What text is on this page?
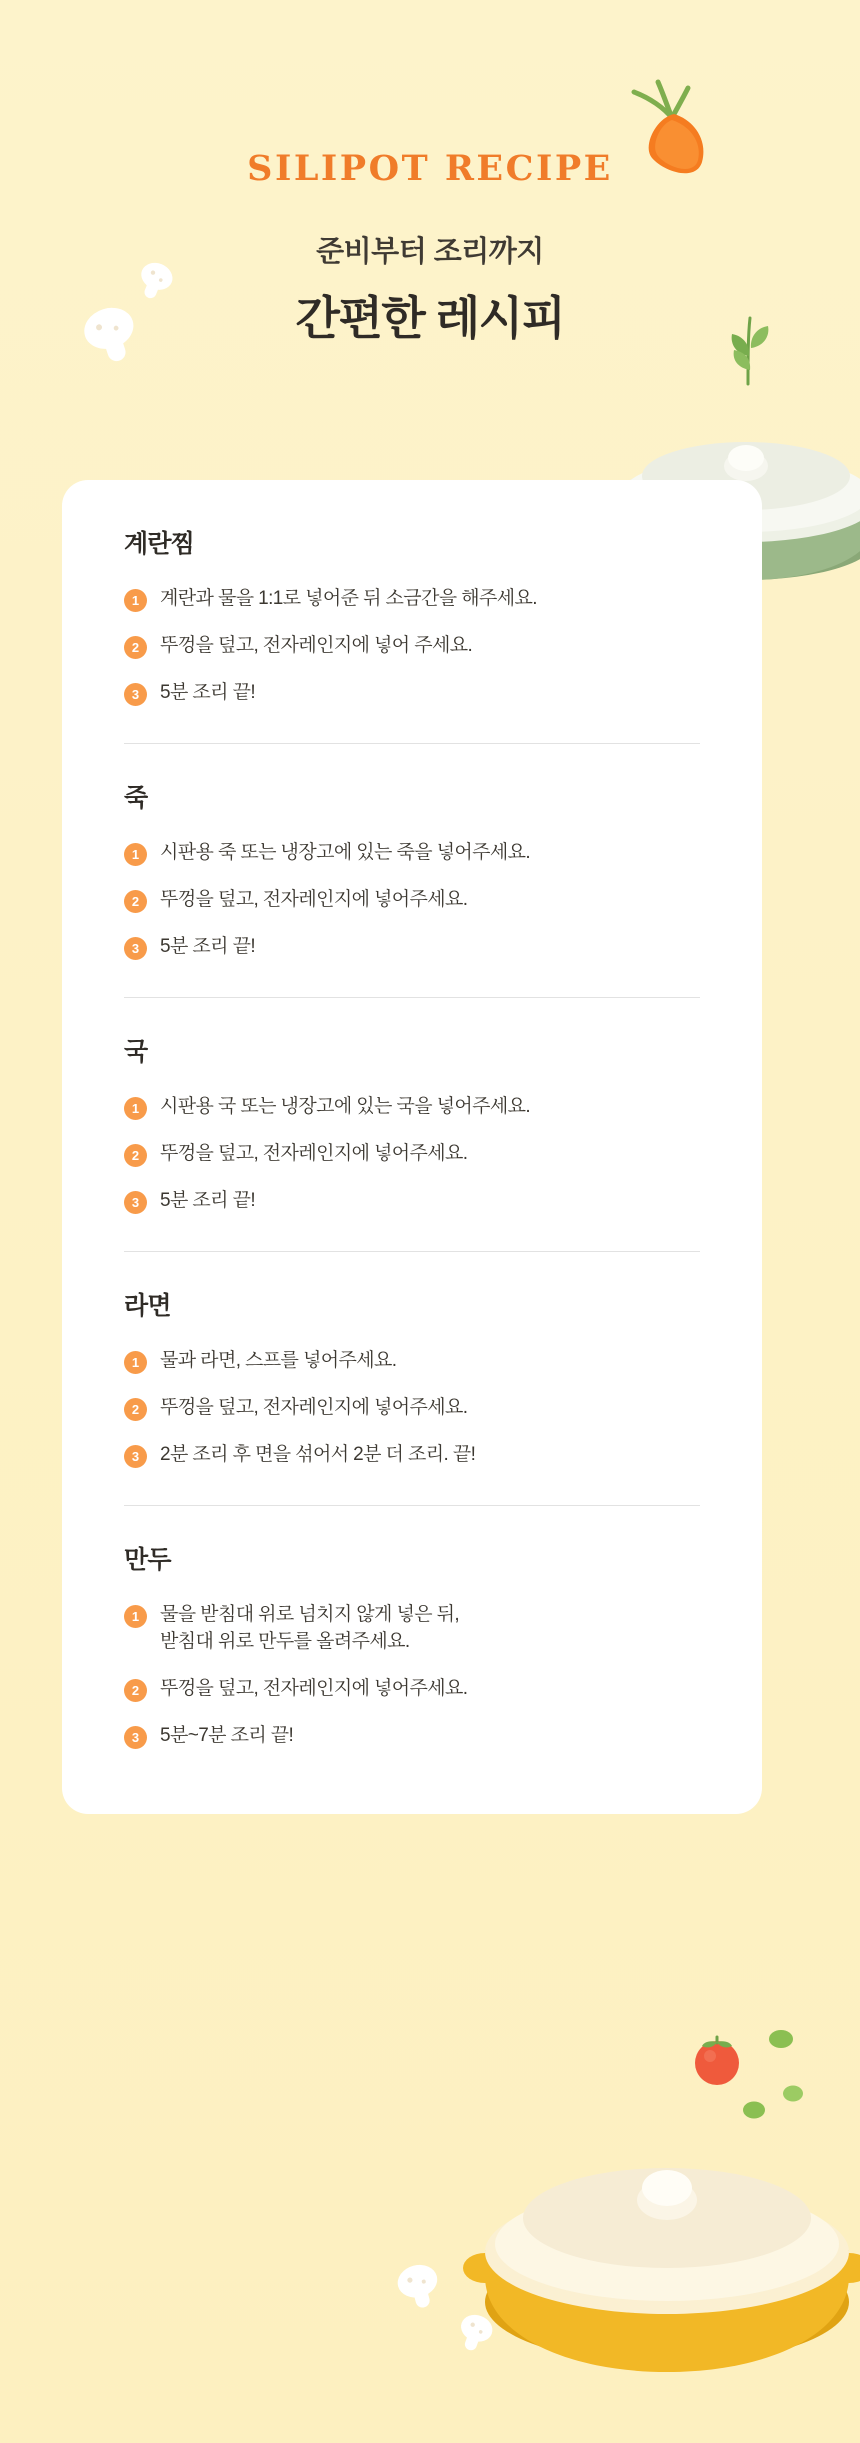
SILIPOT RECIPE
준비부터 조리까지
간편한 레시피
계란찜
1	계란과 물을 1:1로 넣어준 뒤 소금간을 해주세요.
2	뚜껑을 덮고, 전자레인지에 넣어 주세요.
3	5분 조리 끝!
죽
1	시판용 죽 또는 냉장고에 있는 죽을 넣어주세요.
2	뚜껑을 덮고, 전자레인지에 넣어주세요.
3	5분 조리 끝!
국
1	시판용 국 또는 냉장고에 있는 국을 넣어주세요.
2	뚜껑을 덮고, 전자레인지에 넣어주세요.
3	5분 조리 끝!
라면
1	물과 라면, 스프를 넣어주세요.
2	뚜껑을 덮고, 전자레인지에 넣어주세요.
3	2분 조리 후 면을 섞어서 2분 더 조리. 끝!
만두
1	물을 받침대 위로 넘치지 않게 넣은 뒤,
받침대 위로 만두를 올려주세요.
2	뚜껑을 덮고, 전자레인지에 넣어주세요.
3	5분~7분 조리 끝!
